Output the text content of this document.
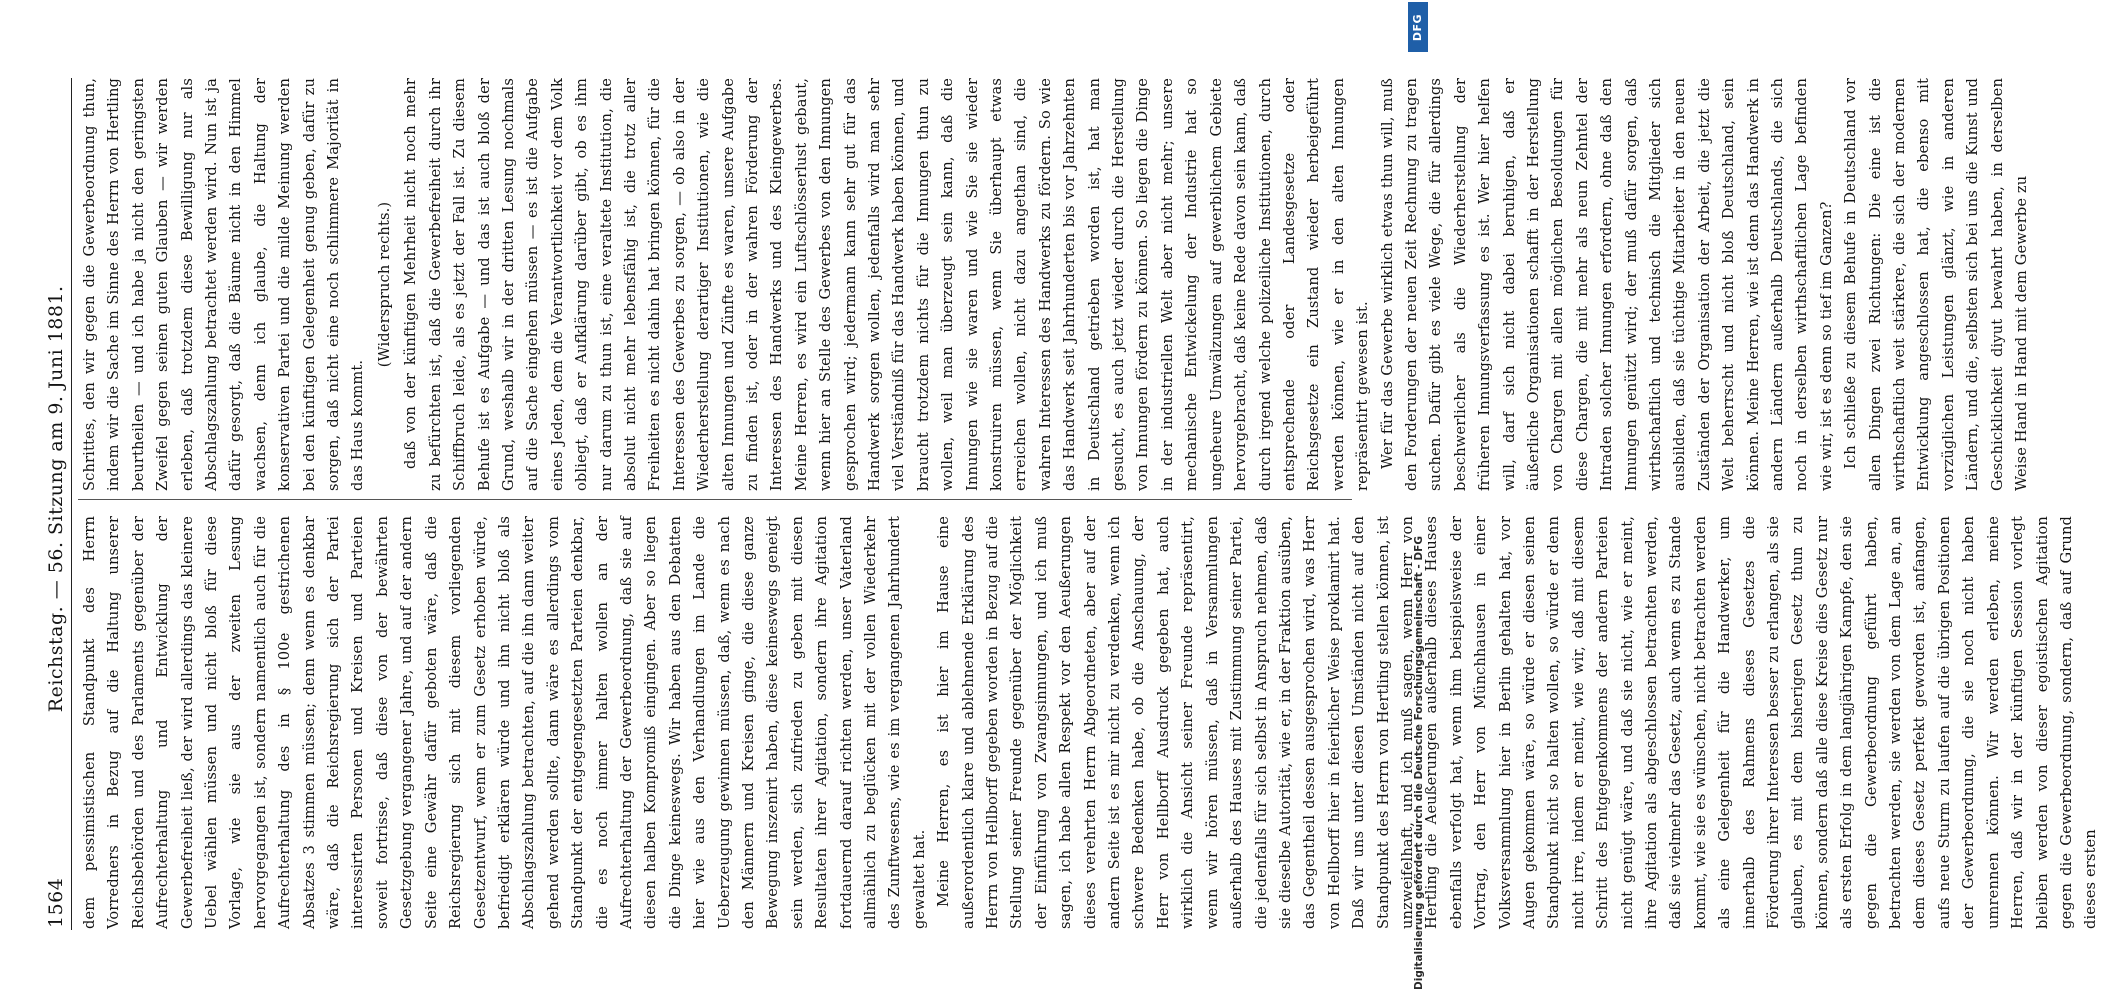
1564
Reichstag. — 56. Sitzung am 9. Juni 1881.

dem pessimistischen Standpunkt des Herrn Vorredners in Bezug auf die Haltung unserer Reichsbehörden und des Parlaments gegenüber der Aufrechterhaltung und Entwicklung der Gewerbefreiheit ließ, der wird allerdings das kleinere Uebel wählen müssen und nicht bloß für diese Vorlage, wie sie aus der zweiten Lesung hervorgegangen ist, sondern namentlich auch für die Aufrechterhaltung des in § 100e gestrichenen Absatzes 3 stimmen müssen; denn wenn es denkbar wäre, daß die Reichsregierung sich der Partei interessirten Personen und Kreisen und Parteien soweit fortrisse, daß diese von der bewährten Gesetzgebung vergangener Jahre, und auf der andern Seite eine Gewähr dafür geboten wäre, daß die Reichsregierung sich mit diesem vorliegenden Gesetzentwurf, wenn er zum Gesetz erhoben würde, befriedigt erklären würde und ihn nicht bloß als Abschlagszahlung betrachten, auf die ihn dann weiter gehend werden sollte, dann wäre es allerdings vom Standpunkt der entgegengesetzten Parteien denkbar, die es noch immer halten wollen an der Aufrechterhaltung der Gewerbeordnung, daß sie auf diesen halben Kompromiß eingingen. Aber so liegen die Dinge keineswegs. Wir haben aus den Debatten hier wie aus den Verhandlungen im Lande die Ueberzeugung gewinnen müssen, daß, wenn es nach den Männern und Kreisen ginge, die diese ganze Bewegung inszenirt haben, diese keineswegs geneigt sein werden, sich zufrieden zu geben mit diesen Resultaten ihrer Agitation, sondern ihre Agitation fortdauernd darauf richten werden, unser Vaterland allmählich zu beglücken mit der vollen Wiederkehr des Zunftwesens, wie es im vergangenen Jahrhundert gewaltet hat. Meine Herren, es ist hier im Hause eine außerordentlich klare und ablehnende Erklärung des Herrn von Hellborff gegeben worden in Bezug auf die Stellung seiner Freunde gegenüber der Möglichkeit der Einführung von Zwangsinnungen, und ich muß sagen, ich habe allen Respekt vor den Aeußerungen dieses verehrten Herrn Abgeordneten, aber auf der andern Seite ist es mir nicht zu verdenken, wenn ich schwere Bedenken habe, ob die Anschauung, der Herr von Hellborff Ausdruck gegeben hat, auch wirklich die Ansicht seiner Freunde repräsentirt, wenn wir hören müssen, daß in Versammlungen außerhalb des Hauses mit Zustimmung seiner Partei, die jedenfalls für sich selbst in Anspruch nehmen, daß sie dieselbe Autorität, wie er, in der Fraktion ausüben, das Gegentheil dessen ausgesprochen wird, was Herr von Hellborff hier in feierlicher Weise proklamirt hat. Daß wir uns unter diesen Umständen nicht auf den Standpunkt des Herrn von Hertling stellen können, ist unzweifelhaft, und ich muß sagen, wenn Herr von Hertling die Aeußerungen außerhalb dieses Hauses ebenfalls verfolgt hat, wenn ihm beispielsweise der Vortrag, den Herr von Münchhausen in einer Volksversammlung hier in Berlin gehalten hat, vor Augen gekommen wäre, so würde er diesen seinen Standpunkt nicht so halten wollen, so würde er denn nicht irre, indem er meint, wie wir, daß mit diesem Schritt des Entgegenkommens der andern Parteien nicht genügt wäre, und daß sie nicht, wie er meint, ihre Agitation als abgeschlossen betrachten werden, daß sie vielmehr das Gesetz, auch wenn es zu Stande kommt, wie sie es wünschen, nicht betrachten werden als eine Gelegenheit für die Handwerker, um innerhalb des Rahmens dieses Gesetzes die Förderung ihrer Interessen besser zu erlangen, als sie glauben, es mit dem bisherigen Gesetz thun zu können, sondern daß alle diese Kreise dies Gesetz nur als ersten Erfolg in dem langjährigen Kampfe, den sie gegen die Gewerbeordnung geführt haben, betrachten werden, sie werden von dem Lage an, an dem dieses Gesetz perfekt geworden ist, anfangen, aufs neue Sturm zu laufen auf die übrigen Positionen der Gewerbeordnung, die sie noch nicht haben umrennen können. Wir werden erleben, meine Herren, daß wir in der künftigen Session vorlegt bleiben werden von dieser egoistischen Agitation gegen die Gewerbeordnung, sondern, daß auf Grund dieses ersten

Schrittes, den wir gegen die Gewerbeordnung thun, indem wir die Sache im Sinne des Herrn von Hertling beurtheilen — und ich habe ja nicht den geringsten Zweifel gegen seinen guten Glauben — wir werden erleben, daß trotzdem diese Bewilligung nur als Abschlagszahlung betrachtet werden wird. Nun ist ja dafür gesorgt, daß die Bäume nicht in den Himmel wachsen, denn ich glaube, die Haltung der konservativen Partei und die milde Meinung werden bei den künftigen Gelegenheit genug geben, dafür zu sorgen, daß nicht eine noch schlimmere Majorität in das Haus kommt.

(Widerspruch rechts.) daß von der künftigen Mehrheit nicht noch mehr zu befürchten ist, daß die Gewerbefreiheit durch ihr Schiffbruch leide, als es jetzt der Fall ist. Zu diesem Behufe ist es Aufgabe — und das ist auch bloß der Grund, weshalb wir in der dritten Lesung nochmals auf die Sache eingehen müssen — es ist die Aufgabe eines Jeden, dem die Verantwortlichkeit vor dem Volk obliegt, daß er Aufklärung darüber gibt, ob es ihm nur darum zu thun ist, eine veraltete Institution, die absolut nicht mehr lebensfähig ist, die trotz aller Freiheiten es nicht dahin hat bringen können, für die Interessen des Gewerbes zu sorgen, — ob also in der Wiederherstellung derartiger Institutionen, wie die alten Innungen und Zünfte es waren, unsere Aufgabe zu finden ist, oder in der wahren Förderung der Interessen des Handwerks und des Kleingewerbes. Meine Herren, es wird ein Luftschlösserlust gebaut, wenn hier an Stelle des Gewerbes von den Innungen gesprochen wird; jedermann kann sehr gut für das Handwerk sorgen wollen, jedenfalls wird man sehr viel Verständniß für das Handwerk haben können, und braucht trotzdem nichts für die Innungen thun zu wollen, weil man überzeugt sein kann, daß die Innungen wie sie waren und wie Sie sie wieder konstruiren müssen, wenn Sie überhaupt etwas erreichen wollen, nicht dazu angethan sind, die wahren Interessen des Handwerks zu fördern. So wie das Handwerk seit Jahrhunderten bis vor Jahrzehnten in Deutschland getrieben worden ist, hat man gesucht, es auch jetzt wieder durch die Herstellung von Innungen fördern zu können. So liegen die Dinge in der industriellen Welt aber nicht mehr; unsere mechanische Entwickelung der Industrie hat so ungeheure Umwälzungen auf gewerblichem Gebiete hervorgebracht, daß keine Rede davon sein kann, daß durch irgend welche polizeiliche Institutionen, durch entsprechende oder Landesgesetze oder Reichsgesetze ein Zustand wieder herbeigeführt werden können, wie er in den alten Innungen repräsentirt gewesen ist. Wer für das Gewerbe wirklich etwas thun will, muß den Forderungen der neuen Zeit Rechnung zu tragen suchen. Dafür gibt es viele Wege, die für allerdings beschwerlicher als die Wiederherstellung der früheren Innungsverfassung es ist. Wer hier helfen will, darf sich nicht dabei beruhigen, daß er äußerliche Organisationen schafft in der Herstellung von Chargen mit allen möglichen Besoldungen für diese Chargen, die mit mehr als neun Zehntel der Intraden solcher Innungen erfordern, ohne daß den Innungen genützt wird; der muß dafür sorgen, daß wirthschaftlich und technisch die Mitglieder sich ausbilden, daß sie tüchtige Mitarbeiter in den neuen Zuständen der Organisation der Arbeit, die jetzt die Welt beherrscht und nicht bloß Deutschland, sein können. Meine Herren, wie ist denn das Handwerk in andern Ländern außerhalb Deutschlands, die sich noch in derselben wirthschaftlichen Lage befinden wie wir, ist es denn so tief im Ganzen? Ich schließe zu diesem Behufe in Deutschland vor allen Dingen zwei Richtungen: Die eine ist die wirthschaftlich weit stärkere, die sich der modernen Entwicklung angeschlossen hat, die ebenso mit vorzüglichen Leistungen glänzt, wie in anderen Ländern, und die, selbsten sich bei uns die Kunst und Geschicklichkeit diyut bewahrt haben, in derselben Weise Hand in Hand mit dem Gewerbe zu

DFG
Digitalisierung gefördert durch die Deutsche Forschungsgemeinschaft - DFG
